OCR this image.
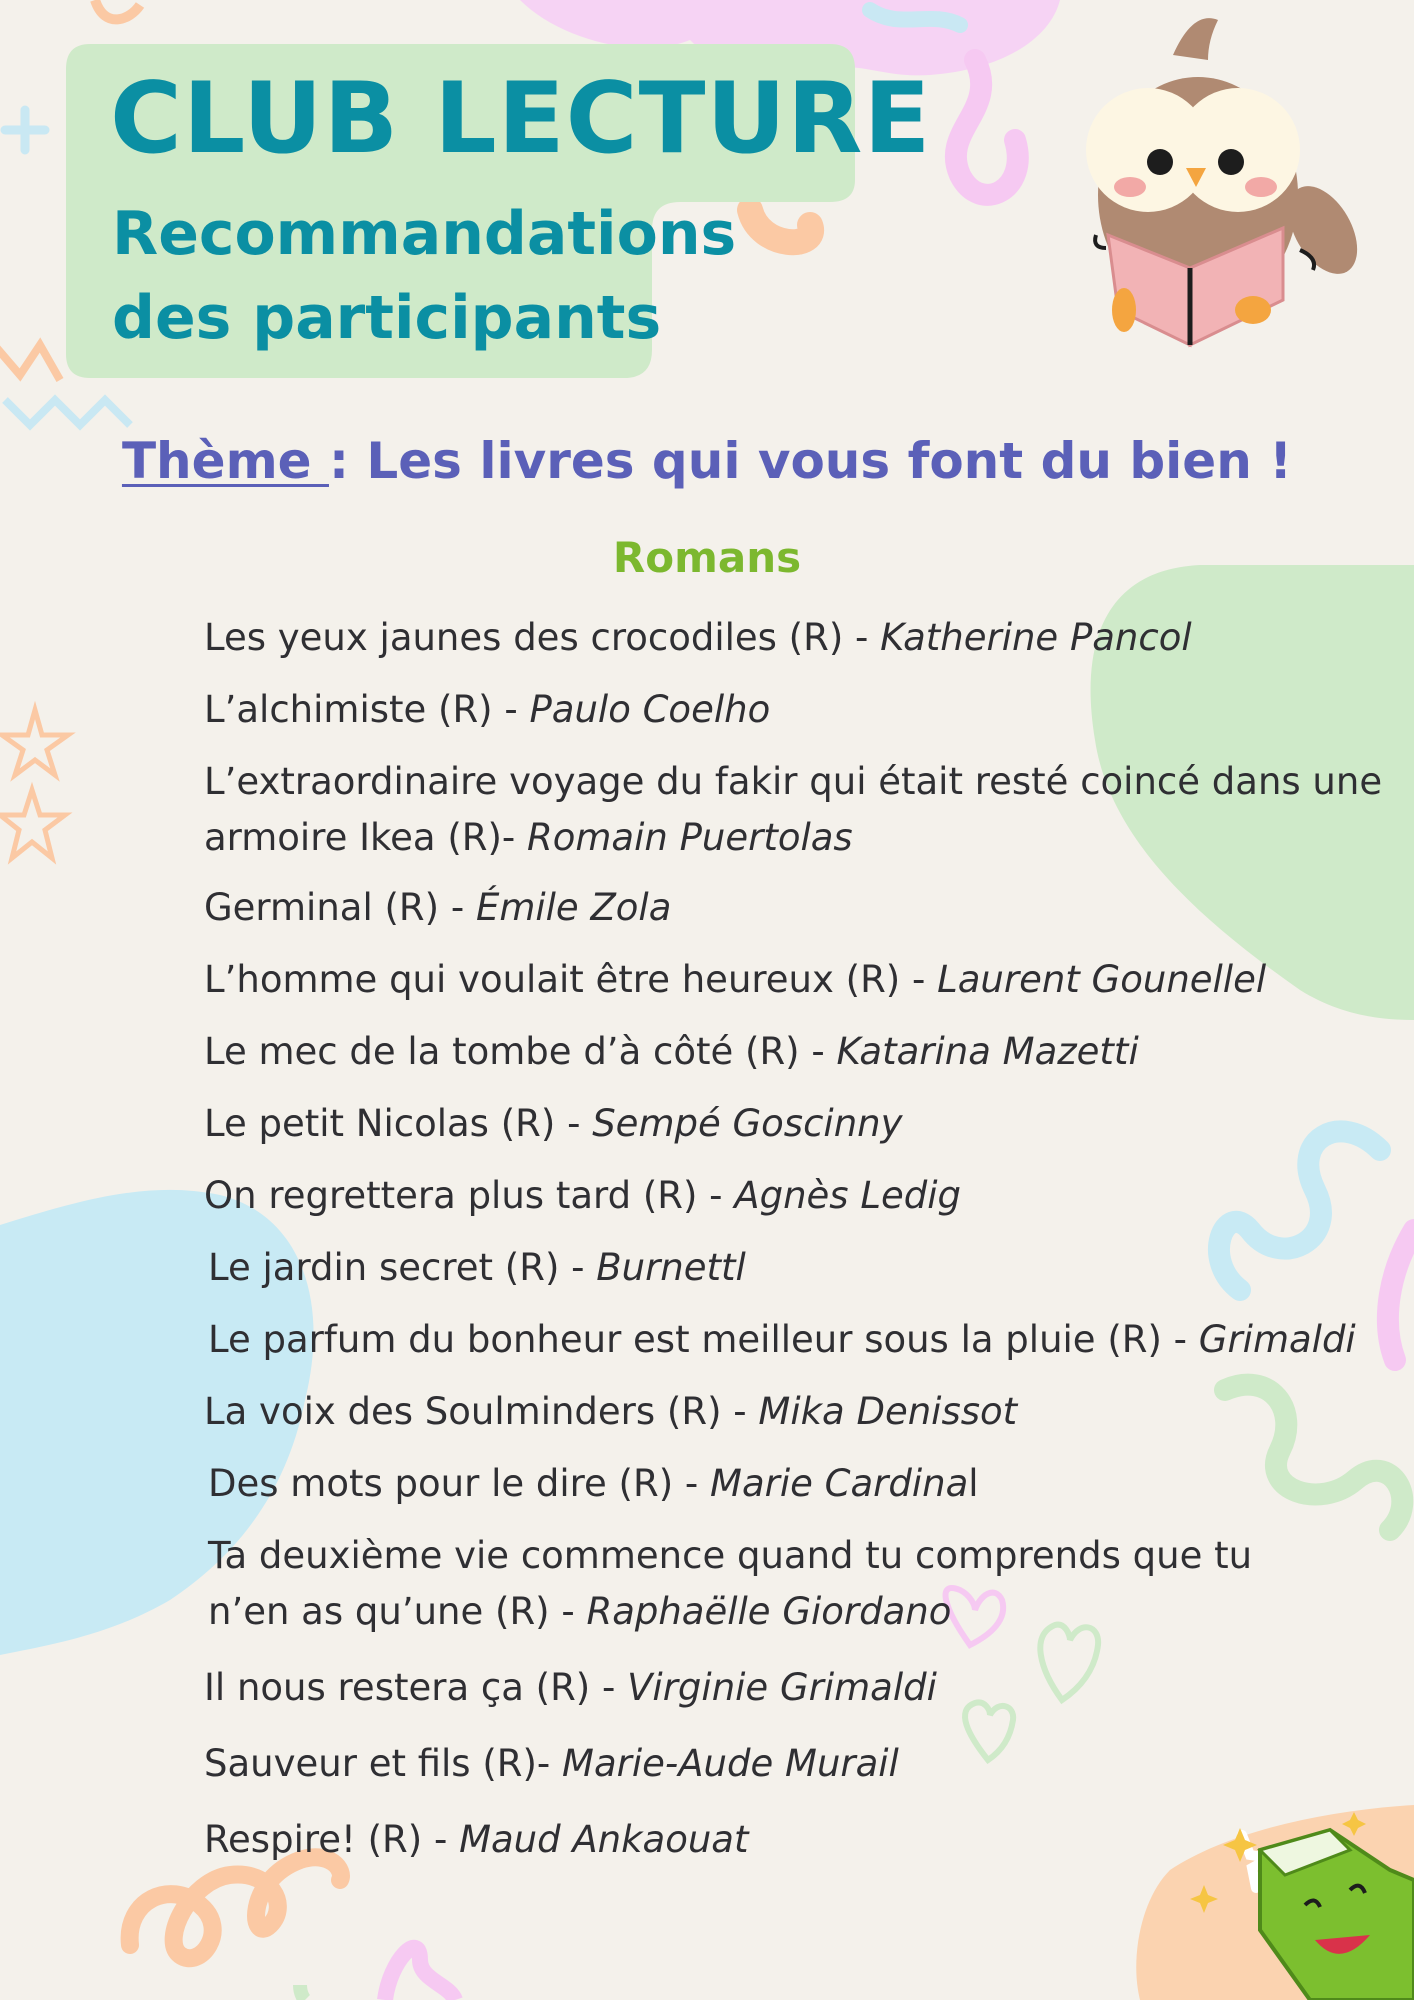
CLUB LECTURE
Recommandations
des participants
Thème : Les livres qui vous font du bien !
Romans
Les yeux jaunes des crocodiles (R) - Katherine Pancol
L’alchimiste (R) - Paulo Coelho
L’extraordinaire voyage du fakir qui était resté coincé dans une
armoire Ikea (R)- Romain Puertolas
Germinal (R) - Émile Zola
L’homme qui voulait être heureux (R) - Laurent Gounellel
Le mec de la tombe d’à côté (R) - Katarina Mazetti
Le petit Nicolas (R) - Sempé Goscinny
On regrettera plus tard (R) - Agnès Ledig
Le jardin secret (R) - Burnettl
Le parfum du bonheur est meilleur sous la pluie (R) - Grimaldi
La voix des Soulminders (R) - Mika Denissot
Des mots pour le dire (R) - Marie Cardinal
Ta deuxième vie commence quand tu comprends que tu
n’en as qu’une (R) - Raphaëlle Giordano
Il nous restera ça (R) - Virginie Grimaldi
Sauveur et fils (R)- Marie-Aude Murail
Respire! (R) - Maud Ankaouat
